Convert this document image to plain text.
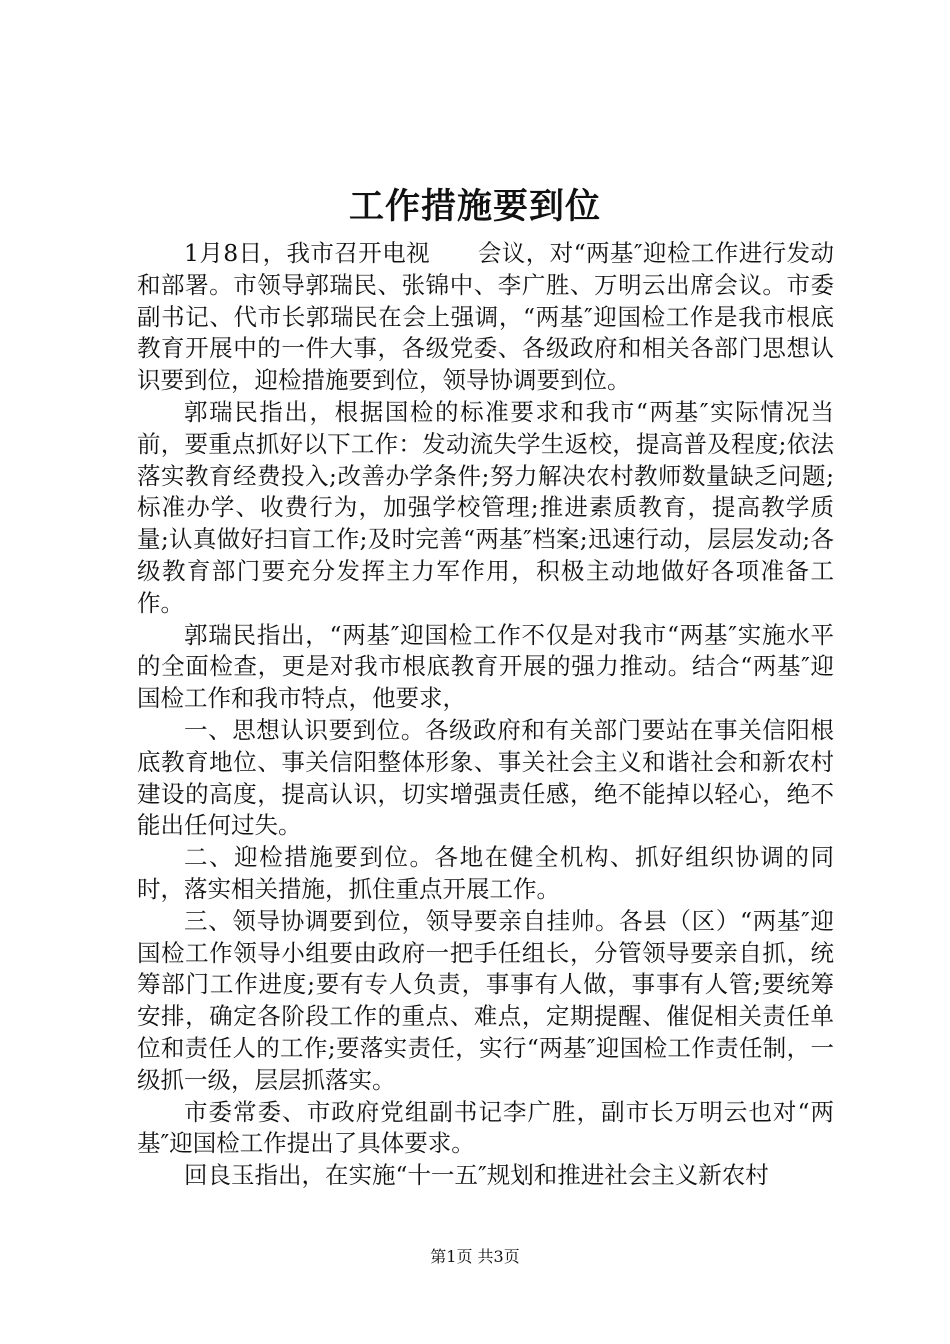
工作措施要到位

1月8日，我市召开电视　　会议，对“两基″迎检工作进行发动和部署。市领导郭瑞民、张锦中、李广胜、万明云出席会议。市委副书记、代市长郭瑞民在会上强调，“两基″迎国检工作是我市根底教育开展中的一件大事，各级党委、各级政府和相关各部门思想认识要到位，迎检措施要到位，领导协调要到位。

郭瑞民指出，根据国检的标准要求和我市“两基″实际情况当前，要重点抓好以下工作：发动流失学生返校，提高普及程度;依法落实教育经费投入;改善办学条件;努力解决农村教师数量缺乏问题;标准办学、收费行为，加强学校管理;推进素质教育，提高教学质量;认真做好扫盲工作;及时完善“两基″档案;迅速行动，层层发动;各级教育部门要充分发挥主力军作用，积极主动地做好各项准备工作。

郭瑞民指出，“两基″迎国检工作不仅是对我市“两基″实施水平的全面检查，更是对我市根底教育开展的强力推动。结合“两基″迎国检工作和我市特点，他要求，

一、思想认识要到位。各级政府和有关部门要站在事关信阳根底教育地位、事关信阳整体形象、事关社会主义和谐社会和新农村建设的高度，提高认识，切实增强责任感，绝不能掉以轻心，绝不能出任何过失。

二、迎检措施要到位。各地在健全机构、抓好组织协调的同时，落实相关措施，抓住重点开展工作。

三、领导协调要到位，领导要亲自挂帅。各县（区）“两基″迎国检工作领导小组要由政府一把手任组长，分管领导要亲自抓，统筹部门工作进度;要有专人负责，事事有人做，事事有人管;要统筹安排，确定各阶段工作的重点、难点，定期提醒、催促相关责任单位和责任人的工作;要落实责任，实行“两基″迎国检工作责任制，一级抓一级，层层抓落实。

市委常委、市政府党组副书记李广胜，副市长万明云也对“两基″迎国检工作提出了具体要求。

回良玉指出，在实施“十一五″规划和推进社会主义新农村

第1页 共3页
